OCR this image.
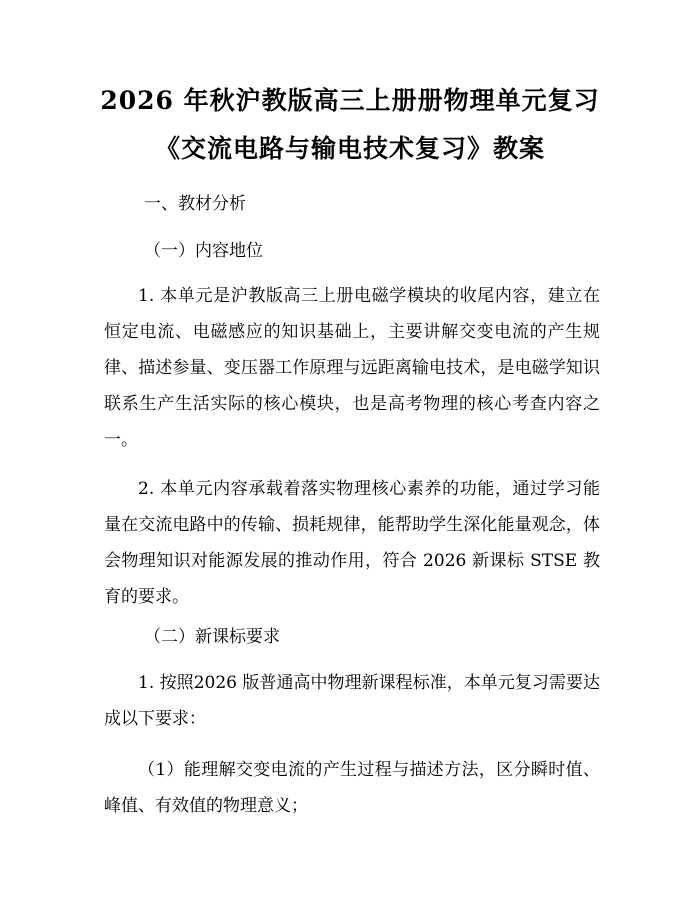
2026 年秋沪教版高三上册册物理单元复习
《交流电路与输电技术复习》教案
一、教材分析
（一）内容地位
1. 本单元是沪教版高三上册电磁学模块的收尾内容，建立在恒定电流、电磁感应的知识基础上，主要讲解交变电流的产生规律、描述参量、变压器工作原理与远距离输电技术，是电磁学知识联系生产生活实际的核心模块，也是高考物理的核心考查内容之一。
2. 本单元内容承载着落实物理核心素养的功能，通过学习能量在交流电路中的传输、损耗规律，能帮助学生深化能量观念，体会物理知识对能源发展的推动作用，符合 2026 新课标 STSE 教育的要求。
（二）新课标要求
1. 按照2026 版普通高中物理新课程标准，本单元复习需要达成以下要求：
（1）能理解交变电流的产生过程与描述方法，区分瞬时值、峰值、有效值的物理意义；
